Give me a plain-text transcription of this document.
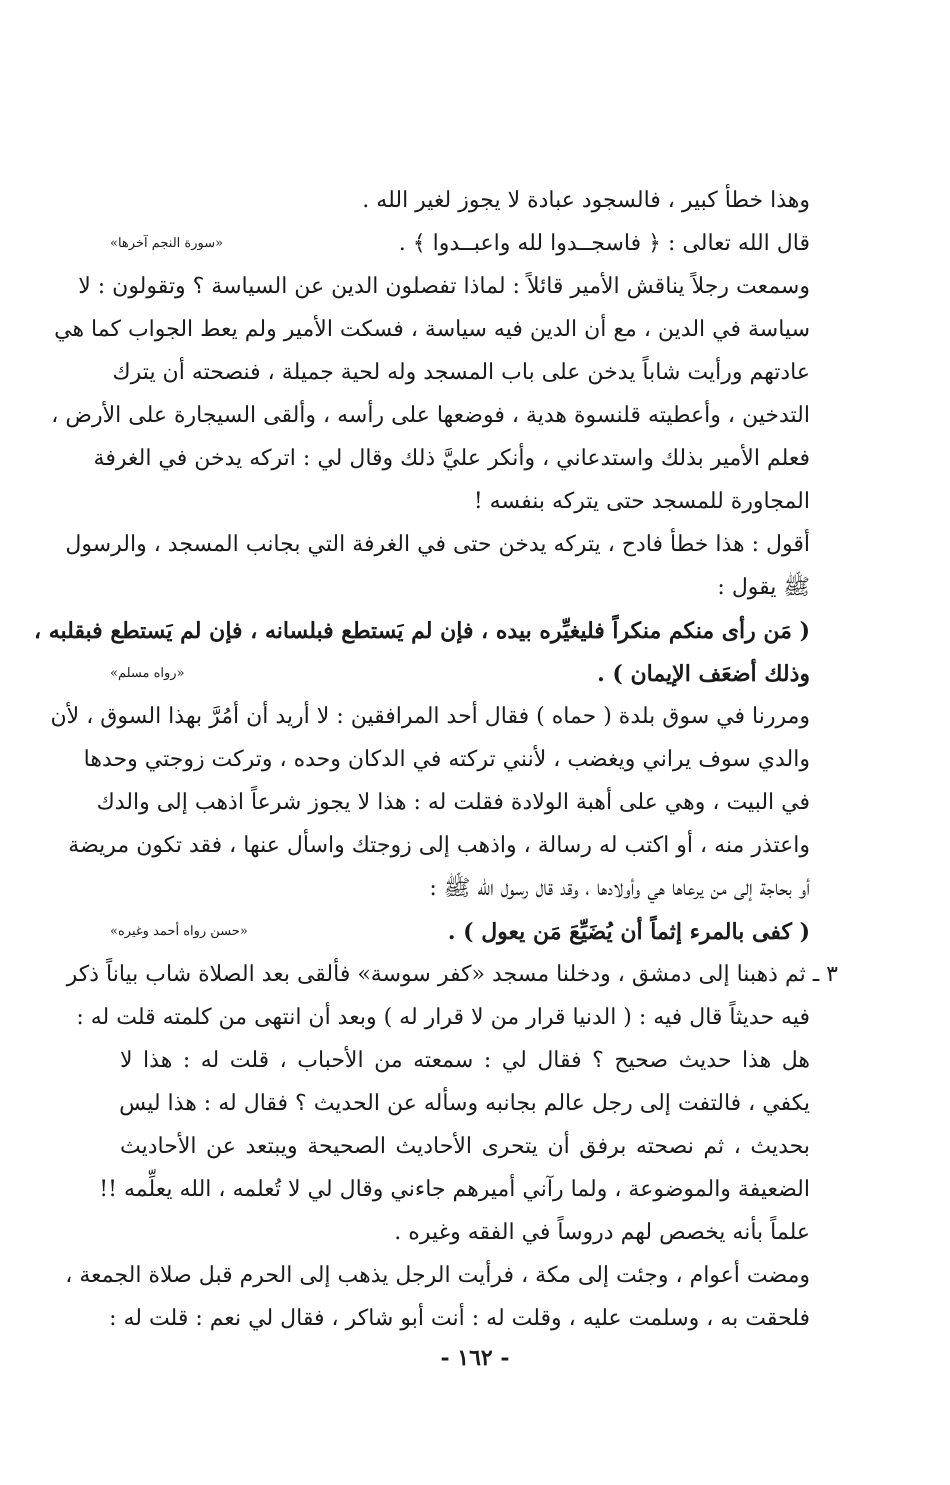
وهذا خطأ كبير ، فالسجود عبادة لا يجوز لغير الله .
قال الله تعالى : ﴿ فاسجــدوا لله واعبــدوا ﴾ .
«سورة النجم آخرها»
وسمعت رجلاً يناقش الأمير قائلاً : لماذا تفصلون الدين عن السياسة ؟ وتقولون : لا
سياسة في الدين ، مع أن الدين فيه سياسة ، فسكت الأمير ولم يعط الجواب كما هي
عادتهم ورأيت شاباً يدخن على باب المسجد وله لحية جميلة ، فنصحته أن يترك
التدخين ، وأعطيته قلنسوة هدية ، فوضعها على رأسه ، وألقى السيجارة على الأرض ،
فعلم الأمير بذلك واستدعاني ، وأنكر عليَّ ذلك وقال لي : اتركه يدخن في الغرفة
المجاورة للمسجد حتى يتركه بنفسه !
أقول : هذا خطأ فادح ، يتركه يدخن حتى في الغرفة التي بجانب المسجد ، والرسول
ﷺ يقول :
( مَن رأى منكم منكراً فليغيِّره بيده ، فإن لم يَستطع فبلسانه ، فإن لم يَستطع فبقلبه ،
وذلك أضعَف الإيمان ) .
«رواه مسلم»
ومررنا في سوق بلدة ( حماه ) فقال أحد المرافقين : لا أريد أن أمُرَّ بهذا السوق ، لأن
والدي سوف يراني ويغضب ، لأنني تركته في الدكان وحده ، وتركت زوجتي وحدها
في البيت ، وهي على أهبة الولادة فقلت له : هذا لا يجوز شرعاً اذهب إلى والدك
واعتذر منه ، أو اكتب له رسالة ، واذهب إلى زوجتك واسأل عنها ، فقد تكون مريضة
أو بحاجة إلى من يرعاها هي وأولادها ، وقد قال رسول الله ﷺ :
( كفى بالمرء إثماً أن يُضَيِّعَ مَن يعول ) .
«حسن رواه أحمد وغيره»
٣ ـ ثم ذهبنا إلى دمشق ، ودخلنا مسجد «كفر سوسة» فألقى بعد الصلاة شاب بياناً ذكر
فيه حديثاً قال فيه : ( الدنيا قرار من لا قرار له ) وبعد أن انتهى من كلمته قلت له :
هل هذا حديث صحيح ؟ فقال لي : سمعته من الأحباب ، قلت له : هذا لا
يكفي ، فالتفت إلى رجل عالم بجانبه وسأله عن الحديث ؟ فقال له : هذا ليس
بحديث ، ثم نصحته برفق أن يتحرى الأحاديث الصحيحة ويبتعد عن الأحاديث
الضعيفة والموضوعة ، ولما رآني أميرهم جاءني وقال لي لا تُعلمه ، الله يعلِّمه !!
علماً بأنه يخصص لهم دروساً في الفقه وغيره .
ومضت أعوام ، وجئت إلى مكة ، فرأيت الرجل يذهب إلى الحرم قبل صلاة الجمعة ،
فلحقت به ، وسلمت عليه ، وقلت له : أنت أبو شاكر ، فقال لي نعم : قلت له :
- ١٦٢ -
